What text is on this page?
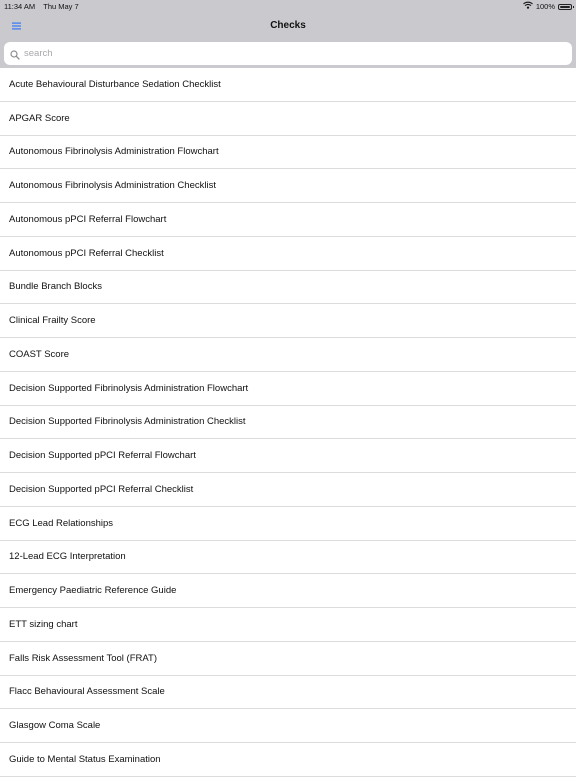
11:34 AM Thu May 7	100%
Checks
search
Acute Behavioural Disturbance Sedation Checklist
APGAR Score
Autonomous Fibrinolysis Administration Flowchart
Autonomous Fibrinolysis Administration Checklist
Autonomous pPCI Referral Flowchart
Autonomous pPCI Referral Checklist
Bundle Branch Blocks
Clinical Frailty Score
COAST Score
Decision Supported Fibrinolysis Administration Flowchart
Decision Supported Fibrinolysis Administration Checklist
Decision Supported pPCI Referral Flowchart
Decision Supported pPCI Referral Checklist
ECG Lead Relationships
12-Lead ECG Interpretation
Emergency Paediatric Reference Guide
ETT sizing chart
Falls Risk Assessment Tool (FRAT)
Flacc Behavioural Assessment Scale
Glasgow Coma Scale
Guide to Mental Status Examination
